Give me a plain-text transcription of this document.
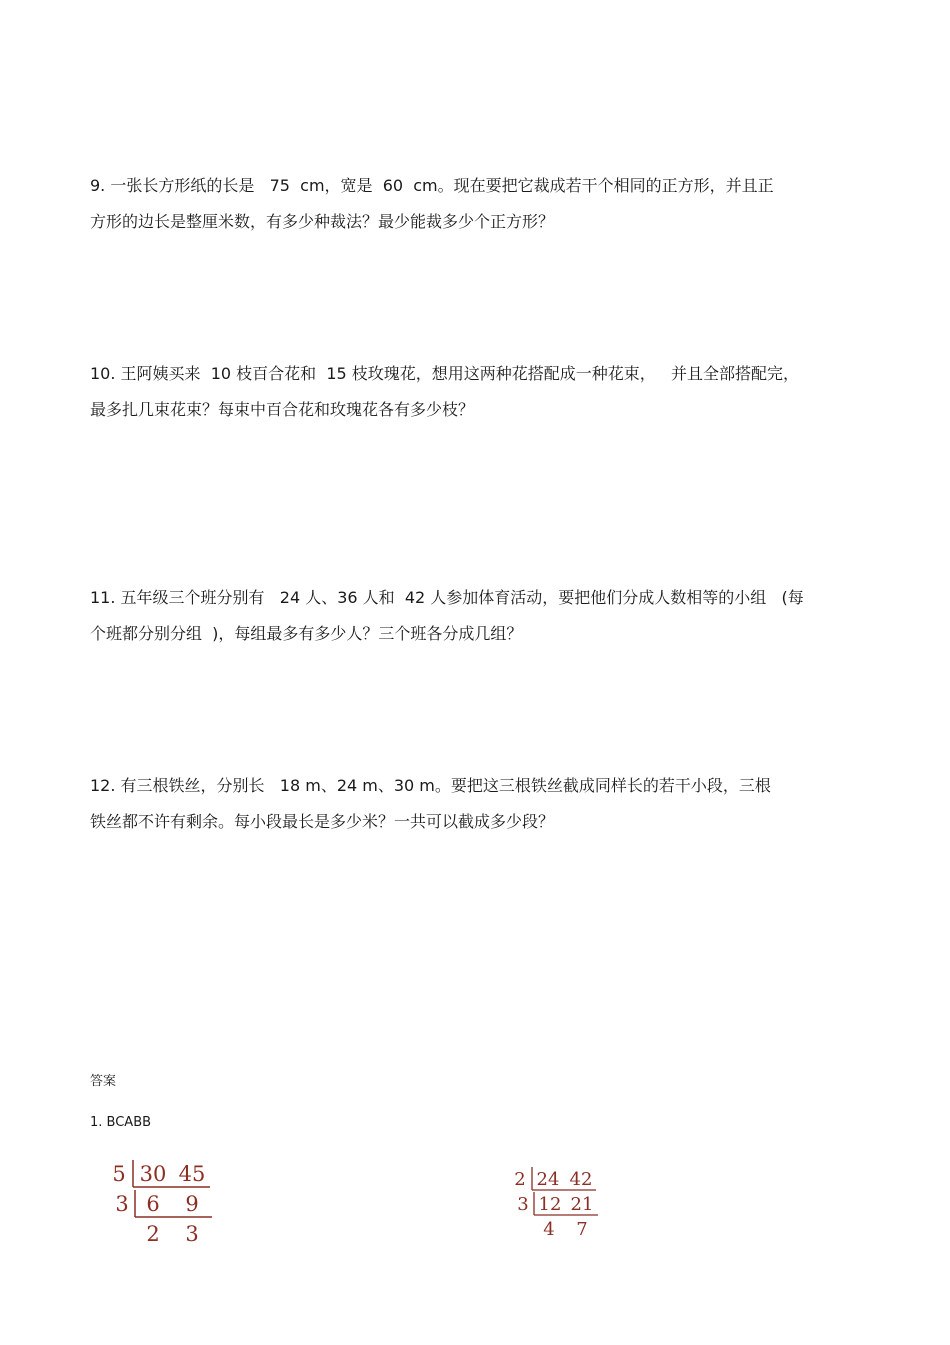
9. 一张长方形纸的长是   75  cm，宽是  60  cm。现在要把它裁成若干个相同的正方形，并且正

方形的边长是整厘米数，有多少种裁法？最少能裁多少个正方形？

10. 王阿姨买来  10 枝百合花和  15 枝玫瑰花，想用这两种花搭配成一种花束，   并且全部搭配完，

最多扎几束花束？每束中百合花和玫瑰花各有多少枝？

11. 五年级三个班分别有   24 人、36 人和  42 人参加体育活动，要把他们分成人数相等的小组   (每

个班都分别分组  )，每组最多有多少人？三个班各分成几组？

12. 有三根铁丝，分别长   18 m、24 m、30 m。要把这三根铁丝截成同样长的若干小段，三根

铁丝都不许有剩余。每小段最长是多少米？一共可以截成多少段？

答案
1. BCABB
5
3
30 45
6 9
2 3
2
3
24 42
12 21
4 7
